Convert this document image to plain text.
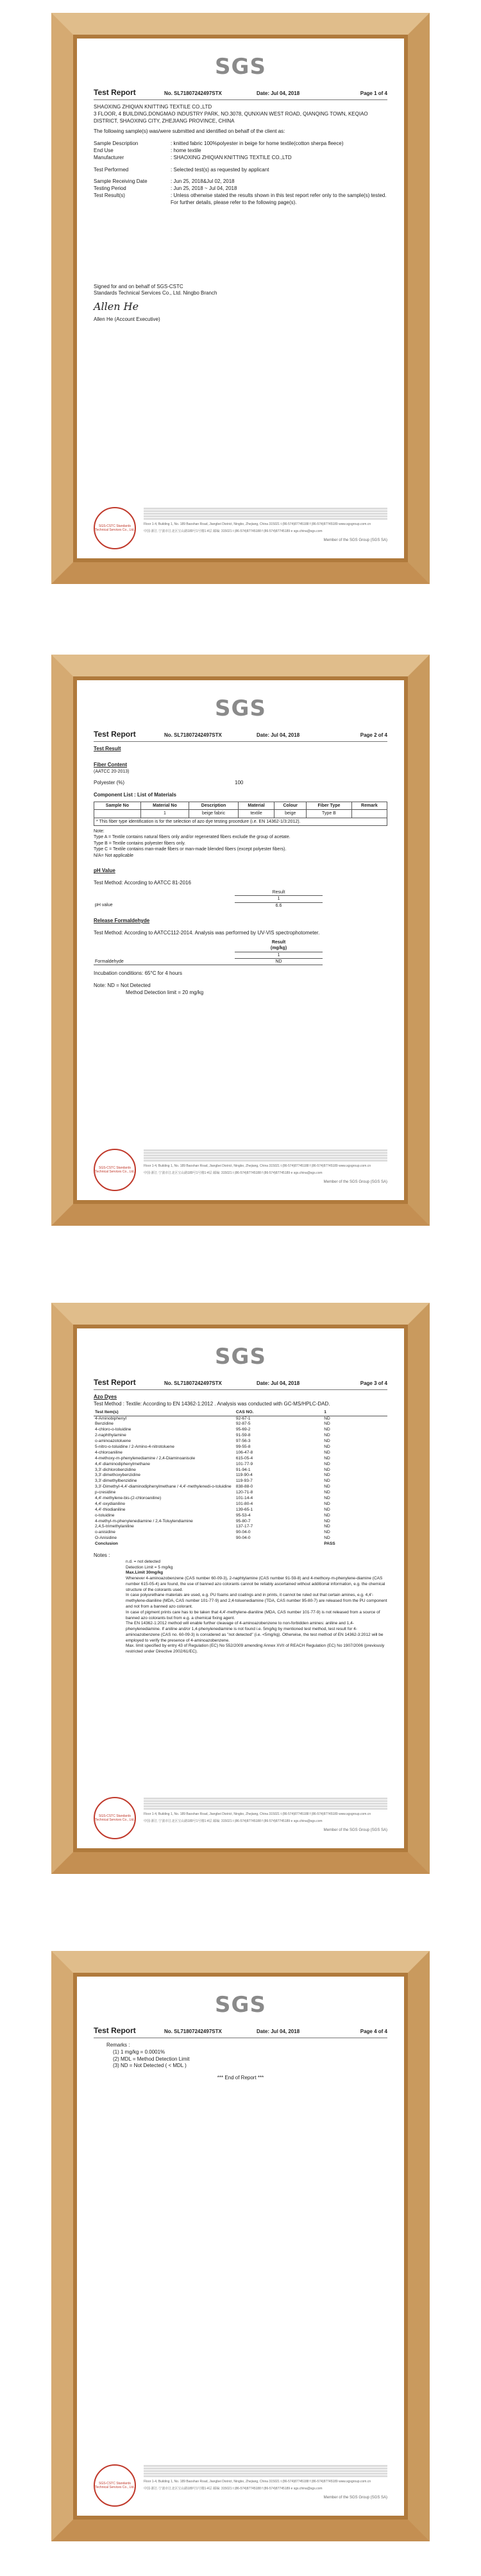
SGS
Test Report	No. SL71807242497STX	Date: Jul 04, 2018	Page 1 of 4
SHAOXING ZHIQIAN KNITTING TEXTILE CO.,LTD
3 FLOOR, 4 BUILDING,DONGMAO INDUSTRY PARK, NO.3078, QUNXIAN WEST ROAD, QIANQING TOWN, KEQIAO DISTRICT, SHAOXING CITY, ZHEJIANG PROVINCE, CHINA
The following sample(s) was/were submitted and identified on behalf of the client as:
Sample Description	: knitted fabric 100%polyester in beige for home textile(cotton sherpa fleece)
End Use	: home textile
Manufacturer	: SHAOXING ZHIQIAN KNITTING TEXTILE CO.,LTD
Test Performed	: Selected test(s) as requested by applicant
Sample Receiving Date	: Jun 25, 2018&Jul 02, 2018
Testing Period	: Jun 25, 2018 ~ Jul 04, 2018
Test Result(s)	: Unless otherwise stated the results shown in this test report refer only to the sample(s) tested. For further details, please refer to the following page(s).
Signed for and on behalf of SGS-CSTC
Standards Technical Services Co., Ltd. Ningbo Branch
Allen He
Allen He (Account Executive)
SGS-CSTC Standards Technical Services Co., Ltd.
Floor 1-4, Building 1, No. 189 Baoshan Road, Jiangbei District, Ningbo, Zhejiang, China 315021 t (86-574)87745188 f (86-574)87745189 www.sgsgroup.com.cn
中国·浙江·宁波市江北区宝山路189号1号楼1-4层 邮编: 315021 t (86-574)87745188 f (86-574)87745189 e sgs.china@sgs.com
Member of the SGS Group (SGS SA)
SGS
Test Report	No. SL71807242497STX	Date: Jul 04, 2018	Page 2 of 4
Test Result
Fiber Content
(AATCC 20-2013)
Polyester (%)	100
Component List : List of Materials
Sample No	Material No	Description	Material	Colour	Fiber Type	Remark
	1	beige fabric	textile	beige	Type B	
* This fiber type identification is for the selection of azo dye testing procedure (i.e. EN 14362-1/3:2012).						
Note:
Type A = Textile contains natural fibers only and/or regenerated fibers exclude the group of acetate.
Type B = Textile contains polyester fibers only.
Type C = Textile contains man-made fibers or man-made blended fibers (except polyester fibers).
N/A= Not applicable
pH Value
Test Method: According to AATCC 81-2016
	Result	
	1	
pH value	6.6	
Release Formaldehyde
Test Method: According to AATCC112-2014. Analysis was performed by UV-VIS spectrophotometer.
	Result	
	(mg/kg)	
	1	
Formaldehyde	ND	
Incubation conditions: 65°C for 4 hours
Note: ND = Not Detected
Method Detection limit = 20 mg/kg
SGS-CSTC Standards Technical Services Co., Ltd.
Floor 1-4, Building 1, No. 189 Baoshan Road, Jiangbei District, Ningbo, Zhejiang, China 315021 t (86-574)87745188 f (86-574)87745189 www.sgsgroup.com.cn
中国·浙江·宁波市江北区宝山路189号1号楼1-4层 邮编: 315021 t (86-574)87745188 f (86-574)87745189 e sgs.china@sgs.com
Member of the SGS Group (SGS SA)
SGS
Test Report	No. SL71807242497STX	Date: Jul 04, 2018	Page 3 of 4
Azo Dyes
Test Method : Textile: According to EN 14362-1:2012 . Analysis was conducted with GC-MS/HPLC-DAD.
Test Item(s)	CAS NO.	1
4-Aminobiphenyl	92-67-1	ND
Benzidine	92-87-5	ND
4-chloro-o-toluidine	95-69-2	ND
2-naphthylamine	91-59-8	ND
o-aminoazotoluene	97-56-3	ND
5-nitro-o-toluidine / 2-Amino-4-nitrotoluene	99-55-8	ND
4-chloroaniline	106-47-8	ND
4-methoxy-m-phenylenediamine / 2,4-Diaminoanisole	615-05-4	ND
4,4'-diaminodiphenylmethane	101-77-9	ND
3,3'-dichlorobenzidine	91-94-1	ND
3,3'-dimethoxybenzidine	119-90-4	ND
3,3'-dimethylbenzidine	119-93-7	ND
3,3'-Dimethyl-4,4'-diaminodiphenylmethane / 4,4'-methylenedi-o-toluidine	838-88-0	ND
p-cresidine	120-71-8	ND
4,4'-methylene-bis-(2-chloroaniline)	101-14-4	ND
4,4'-oxydianiline	101-80-4	ND
4,4'-thiodianiline	139-65-1	ND
o-toluidine	95-53-4	ND
4-methyl-m-phenylenediamine / 2,4-Toluylendiamine	95-80-7	ND
2,4,5-trimethylaniline	137-17-7	ND
o-anisidine	90-04-0	ND
O-Anisidine	90-04-0	ND
Conclusion		PASS
Notes :
n.d. = not detected
Detection Limit = 5 mg/kg
Max.Limit 30mg/kg
Whenever 4-aminoazobenzene (CAS number 60-09-3), 2-naphtylamine (CAS number 91-59-8) and 4-methoxy-m-phenylene-diamine (CAS number 615-05-4) are found, the use of banned azo colorants cannot be reliably ascertained without additional information, e.g. the chemical structure of the colorants used.
In case polyurethane materials are used, e.g. PU foams and coatings and in prints, it cannot be ruled out that certain amines, e.g. 4,4'-methylene-dianiline (MDA, CAS number 101-77-9) and 2,4-toluenediamine (TDA, CAS number 95-80-7) are released from the PU component and not from a banned azo colorant.
In case of pigment prints care has to be taken that 4,4'-methylene-dianiline (MDA, CAS number 101-77-9) is not released from a source of banned azo colorants but from e.g. a chemical fixing agent.
The EN 14362-1:2012 method will enable further cleavage of 4-aminoazobenzene to non-forbidden amines: aniline and 1,4-phenylenediamine. If aniline and/or 1,4-phenylenediamine is not found i.e. 5mg/kg by mentioned test method, test result for 4-aminoazobenzene (CAS no. 60-09-3) is considered as "not detected" (i.e. <5mg/kg). Otherwise, the test method of EN 14362-3:2012 will be employed to verify the presence of 4-aminoazobenzene.
Max. limit specified by entry 43 of Regulation (EC) No 552/2009 amending Annex XVII of REACH Regulation (EC) No 1907/2006 (previously restricted under Directive 2002/61/EC).
SGS-CSTC Standards Technical Services Co., Ltd.
Floor 1-4, Building 1, No. 189 Baoshan Road, Jiangbei District, Ningbo, Zhejiang, China 315021 t (86-574)87745188 f (86-574)87745189 www.sgsgroup.com.cn
中国·浙江·宁波市江北区宝山路189号1号楼1-4层 邮编: 315021 t (86-574)87745188 f (86-574)87745189 e sgs.china@sgs.com
Member of the SGS Group (SGS SA)
SGS
Test Report	No. SL71807242497STX	Date: Jul 04, 2018	Page 4 of 4
Remarks :
(1) 1 mg/kg = 0.0001%
(2) MDL = Method Detection Limit
(3) ND = Not Detected ( < MDL )
*** End of Report ***
SGS-CSTC Standards Technical Services Co., Ltd.
Floor 1-4, Building 1, No. 189 Baoshan Road, Jiangbei District, Ningbo, Zhejiang, China 315021 t (86-574)87745188 f (86-574)87745189 www.sgsgroup.com.cn
中国·浙江·宁波市江北区宝山路189号1号楼1-4层 邮编: 315021 t (86-574)87745188 f (86-574)87745189 e sgs.china@sgs.com
Member of the SGS Group (SGS SA)
